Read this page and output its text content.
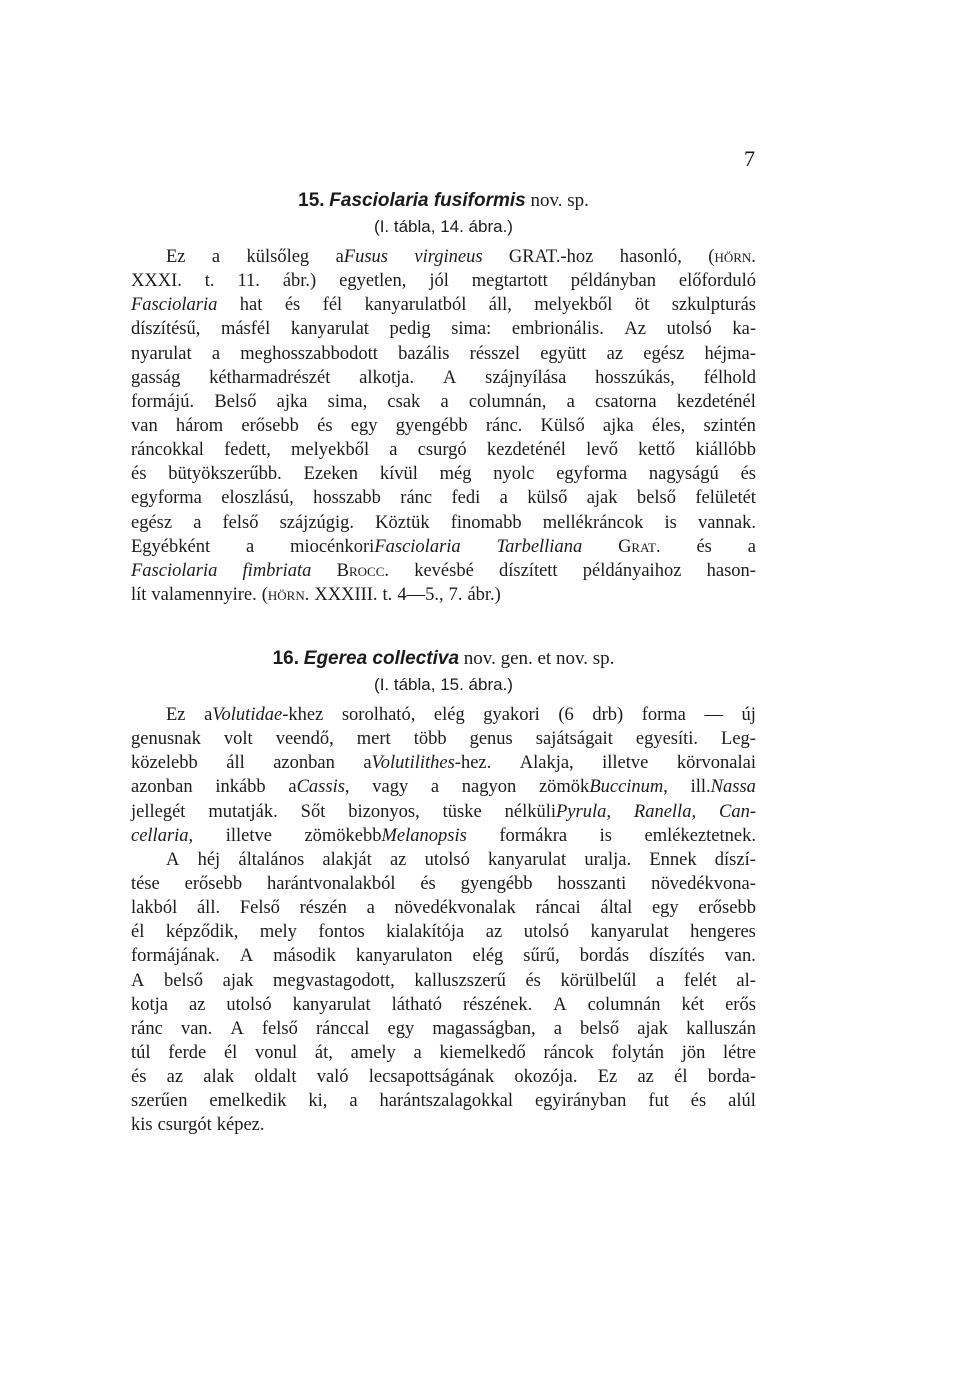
7
15. Fasciolaria fusiformis nov. sp.
(I. tábla, 14. ábra.)
Ez a külsőleg aFusus virgineus GRAT.-hoz hasonló, (hörn.
XXXI. t. 11. ábr.) egyetlen, jól megtartott példányban előforduló
Fasciolaria hat és fél kanyarulatból áll, melyekből öt szkulpturás
díszítésű, másfél kanyarulat pedig sima: embrionális. Az utolsó ka-
nyarulat a meghosszabbodott bazális résszel együtt az egész héjma-
gasság kétharmadrészét alkotja. A szájnyílása hosszúkás, félhold
formájú. Belső ajka sima, csak a columnán, a csatorna kezdeténél
van három erősebb és egy gyengébb ránc. Külső ajka éles, szintén
ráncokkal fedett, melyekből a csurgó kezdeténél levő kettő kiállóbb
és bütyökszerűbb. Ezeken kívül még nyolc egyforma nagyságú és
egyforma eloszlású, hosszabb ránc fedi a külső ajak belső felületét
egész a felső szájzúgig. Köztük finomabb mellékráncok is vannak.
Egyébként a miocénkoriFasciolaria Tarbelliana Grat. és a
Fasciolaria fimbriata Brocc. kevésbé díszített példányaihoz hason-
lít valamennyire. (hörn. XXXIII. t. 4—5., 7. ábr.)
16. Egerea collectiva nov. gen. et nov. sp.
(I. tábla, 15. ábra.)
Ez aVolutidae-khez sorolható, elég gyakori (6 drb) forma — új
genusnak volt veendő, mert több genus sajátságait egyesíti. Leg-
közelebb áll azonban aVolutilithes-hez. Alakja, illetve körvonalai
azonban inkább aCassis, vagy a nagyon zömökBuccinum, ill.Nassa
jellegét mutatják. Sőt bizonyos, tüske nélküliPyrula, Ranella, Can-
cellaria, illetve zömökebbMelanopsis formákra is emlékeztetnek.
A héj általános alakját az utolsó kanyarulat uralja. Ennek díszí-
tése erősebb harántvonalakból és gyengébb hosszanti növedékvona-
lakból áll. Felső részén a növedékvonalak ráncai által egy erősebb
él képződik, mely fontos kialakítója az utolsó kanyarulat hengeres
formájának. A második kanyarulaton elég sűrű, bordás díszítés van.
A belső ajak megvastagodott, kalluszszerű és körülbelűl a felét al-
kotja az utolsó kanyarulat látható részének. A columnán két erős
ránc van. A felső ránccal egy magasságban, a belső ajak kalluszán
túl ferde él vonul át, amely a kiemelkedő ráncok folytán jön létre
és az alak oldalt való lecsapottságának okozója. Ez az él borda-
szerűen emelkedik ki, a harántszalagokkal egyirányban fut és alúl
kis csurgót képez.
